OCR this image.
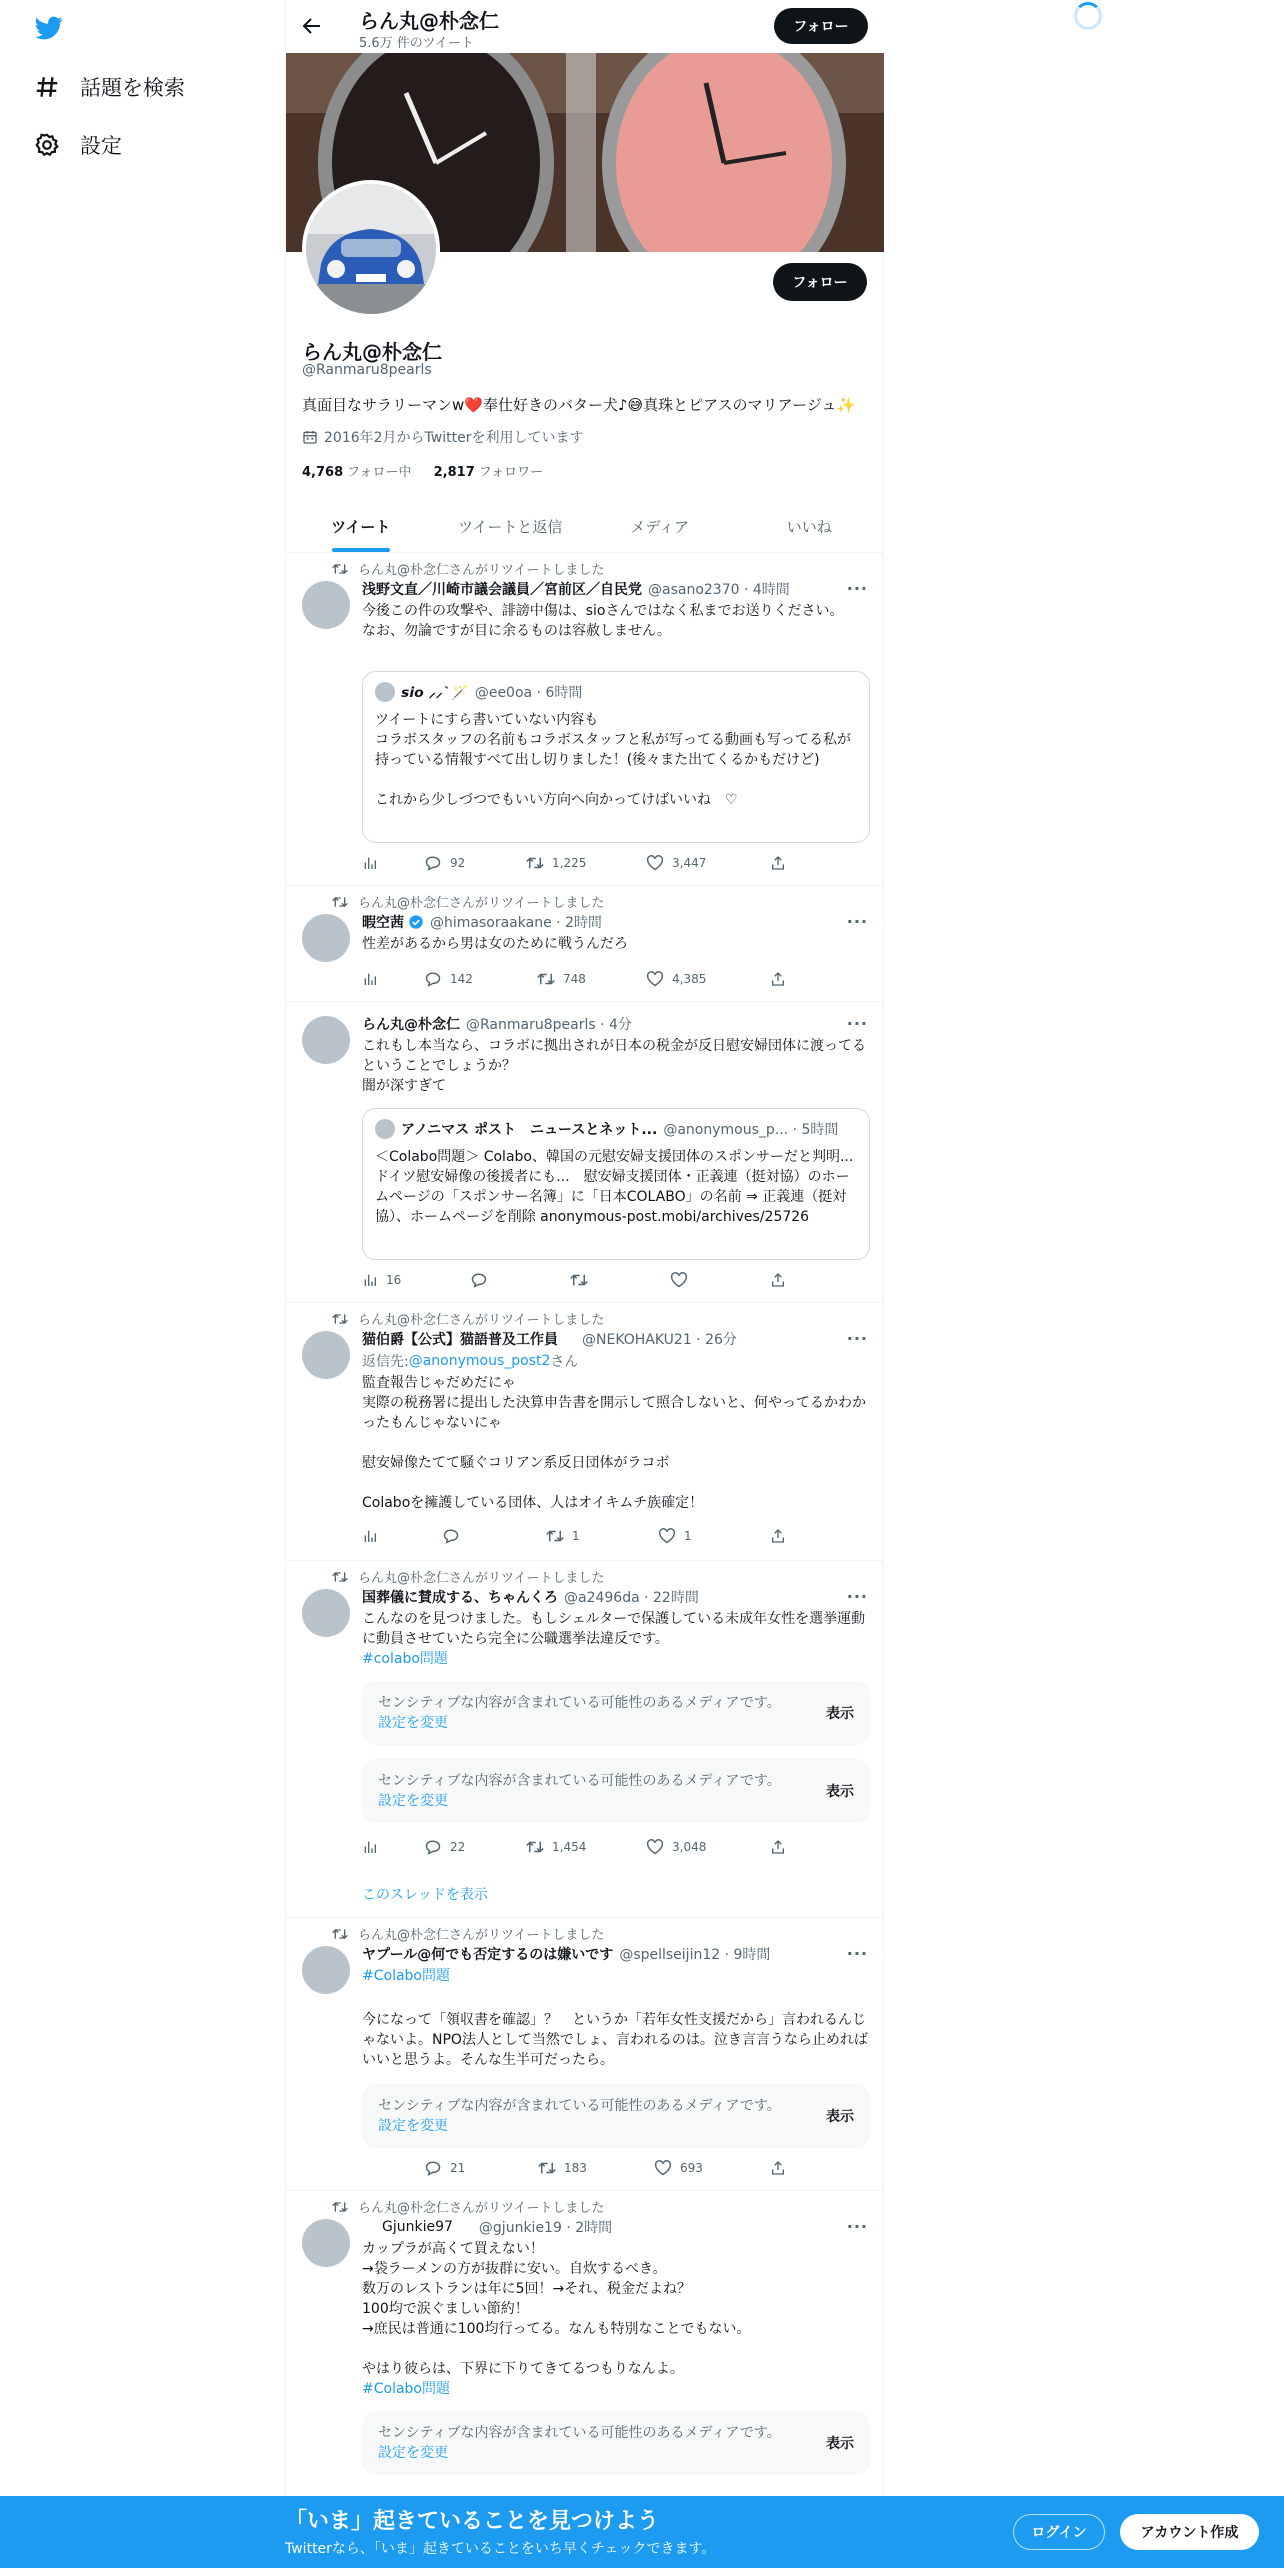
話題を検索
設定
らん丸@朴念仁
5.6万 件のツイート
フォロー
フォロー
らん丸@朴念仁
@Ranmaru8pearls
真面目なサラリーマンw❤️奉仕好きのバター犬♪😅真珠とピアスのマリアージュ✨
2016年2月からTwitterを利用しています
4,768 フォロー中 2,817 フォロワー
ツイート	ツイートと返信	メディア	いいね
らん丸@朴念仁さんがリツイートしました
浅野文直／川崎市議会議員／宮前区／自民党 @asano2370 · 4時間	···
今後この件の攻撃や、誹謗中傷は、sioさんではなく私までお送りください。
なお、勿論ですが目に余るものは容赦しません。
𝙨𝙞𝙤 ⸝⸝ ͛ 🪄 @ee0oa · 6時間
ツイートにすら書いていない内容も
コラボスタッフの名前もコラボスタッフと私が写ってる動画も写ってる私が持っている情報すべて出し切りました！(後々また出てくるかもだけど)

これから少しづつでもいい方向へ向かってけばいいね　♡
92	1,225	3,447
らん丸@朴念仁さんがリツイートしました
暇空茜 @himasoraakane · 2時間	···
性差があるから男は女のために戦うんだろ
142	748	4,385
らん丸@朴念仁 @Ranmaru8pearls · 4分	···
これもし本当なら、コラボに拠出されが日本の税金が反日慰安婦団体に渡ってるということでしょうか？
闇が深すぎて
アノニマス ポスト　ニュースとネット... @anonymous_p... · 5時間
＜Colabo問題＞ Colabo、韓国の元慰安婦支援団体のスポンサーだと判明...　ドイツ慰安婦像の後援者にも...　慰安婦支援団体・正義連（挺対協）のホームページの「スポンサー名簿」に「日本COLABO」の名前 ⇒ 正義連（挺対協）、ホームページを削除 anonymous-post.mobi/archives/25726
16
らん丸@朴念仁さんがリツイートしました
猫伯爵【公式】猫語普及工作員 @NEKOHAKU21 · 26分	···
返信先: @anonymous_post2 さん
監査報告じゃだめだにゃ
実際の税務署に提出した決算申告書を開示して照合しないと、何やってるかわかったもんじゃないにゃ

慰安婦像たてて騒ぐコリアン系反日団体がラコボ

Colaboを擁護している団体、人はオイキムチ族確定！
1	1
らん丸@朴念仁さんがリツイートしました
国葬儀に賛成する、ちゃんくろ @a2496da · 22時間	···
こんなのを見つけました。もしシェルターで保護している未成年女性を選挙運動に動員させていたら完全に公職選挙法違反です。
#colabo問題
センシティブな内容が含まれている可能性のあるメディアです。設定を変更
表示
センシティブな内容が含まれている可能性のあるメディアです。設定を変更
表示
22	1,454	3,048
このスレッドを表示
らん丸@朴念仁さんがリツイートしました
ヤプール@何でも否定するのは嫌いです @spellseijin12 · 9時間	···
#Colabo問題
今になって「領収書を確認」？　というか「若年女性支援だから」言われるんじゃないよ。NPO法人として当然でしょ、言われるのは。泣き言言うなら止めればいいと思うよ。そんな生半可だったら。
センシティブな内容が含まれている可能性のあるメディアです。設定を変更
表示
21	183	693
らん丸@朴念仁さんがリツイートしました
Gjunkie97 @gjunkie19 · 2時間	···
カップラが高くて買えない！
→袋ラーメンの方が抜群に安い。自炊するべき。
数万のレストランは年に5回！→それ、税金だよね？
100均で涙ぐましい節約！
→庶民は普通に100均行ってる。なんも特別なことでもない。

やはり彼らは、下界に下りてきてるつもりなんよ。
#Colabo問題
センシティブな内容が含まれている可能性のあるメディアです。設定を変更
表示
「いま」起きていることを見つけよう
Twitterなら、「いま」起きていることをいち早くチェックできます。
ログイン	アカウント作成
